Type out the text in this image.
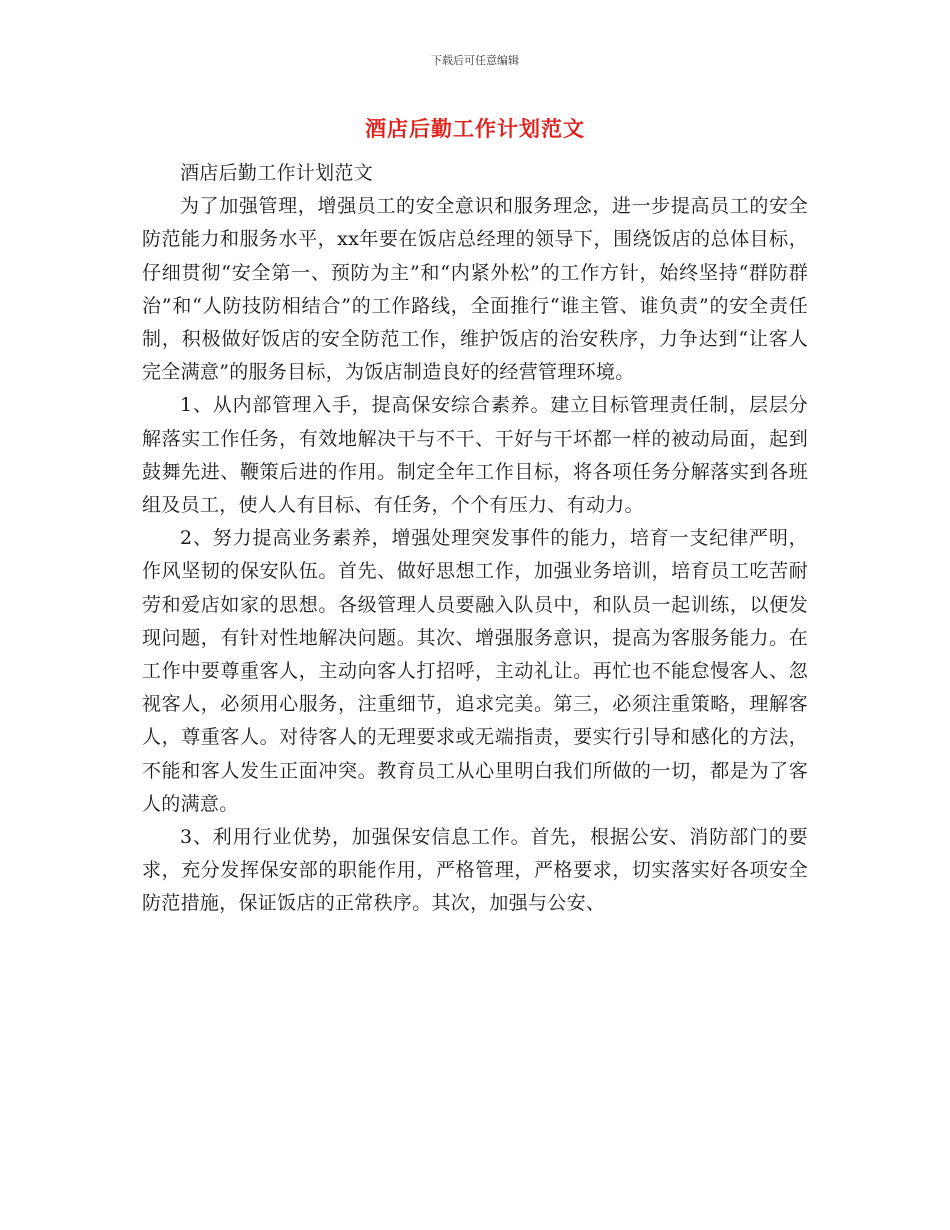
下载后可任意编辑
酒店后勤工作计划范文

酒店后勤工作计划范文

为了加强管理，增强员工的安全意识和服务理念，进一步提高员工的安全防范能力和服务水平，xx年要在饭店总经理的领导下，围绕饭店的总体目标，仔细贯彻“安全第一、预防为主”和“内紧外松”的工作方针，始终坚持“群防群治”和“人防技防相结合”的工作路线，全面推行“谁主管、谁负责”的安全责任制，积极做好饭店的安全防范工作，维护饭店的治安秩序，力争达到“让客人完全满意”的服务目标，为饭店制造良好的经营管理环境。

1、从内部管理入手，提高保安综合素养。建立目标管理责任制，层层分解落实工作任务，有效地解决干与不干、干好与干坏都一样的被动局面，起到鼓舞先进、鞭策后进的作用。制定全年工作目标，将各项任务分解落实到各班组及员工，使人人有目标、有任务，个个有压力、有动力。

2、努力提高业务素养，增强处理突发事件的能力，培育一支纪律严明，作风坚韧的保安队伍。首先、做好思想工作，加强业务培训，培育员工吃苦耐劳和爱店如家的思想。各级管理人员要融入队员中，和队员一起训练，以便发现问题，有针对性地解决问题。其次、增强服务意识，提高为客服务能力。在工作中要尊重客人，主动向客人打招呼，主动礼让。再忙也不能怠慢客人、忽视客人，必须用心服务，注重细节，追求完美。第三，必须注重策略，理解客人，尊重客人。对待客人的无理要求或无端指责，要实行引导和感化的方法，不能和客人发生正面冲突。教育员工从心里明白我们所做的一切，都是为了客人的满意。

3、利用行业优势，加强保安信息工作。首先，根据公安、消防部门的要求，充分发挥保安部的职能作用，严格管理，严格要求，切实落实好各项安全防范措施，保证饭店的正常秩序。其次，加强与公安、
